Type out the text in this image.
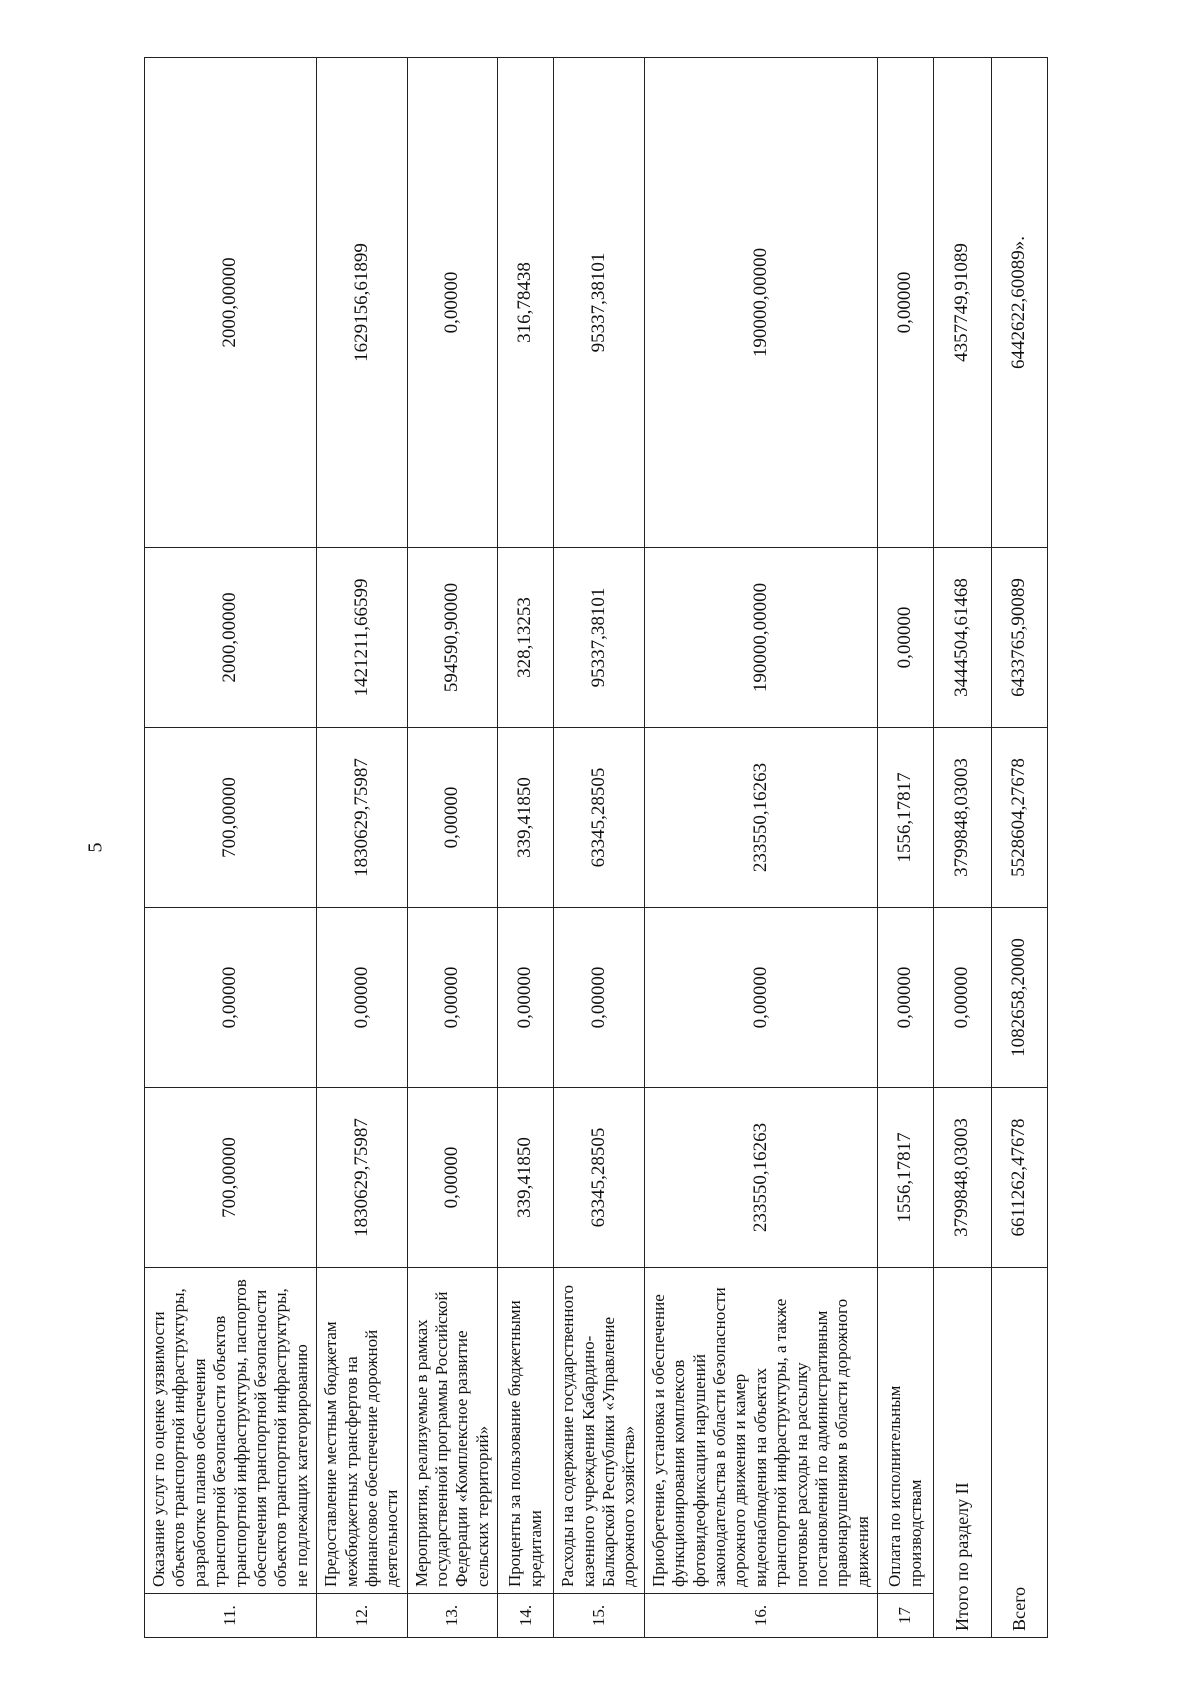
5
11.	Оказание услуг по оценке уязвимости объектов транспортной инфраструктуры, разработке планов обеспечения транспортной безопасности объектов транспортной инфраструктуры, паспортов обеспечения транспортной безопасности объектов транспортной инфраструктуры, не подлежащих категорированию	700,00000	0,00000	700,00000	2000,00000	2000,00000
12.	Предоставление местным бюджетам межбюджетных трансфертов на финансовое обеспечение дорожной деятельности	1830629,75987	0,00000	1830629,75987	1421211,66599	1629156,61899
13.	Мероприятия, реализуемые в рамках государственной программы Российской Федерации «Комплексное развитие сельских территорий»	0,00000	0,00000	0,00000	594590,90000	0,00000
14.	Проценты за пользование бюджетными кредитами	339,41850	0,00000	339,41850	328,13253	316,78438
15.	Расходы на содержание государственного казенного учреждения Кабардино-Балкарской Республики «Управление дорожного хозяйства»	63345,28505	0,00000	63345,28505	95337,38101	95337,38101
16.	Приобретение, установка и обеспечение функционирования комплексов фотовидеофиксации нарушений законодательства в области безопасности дорожного движения и камер видеонаблюдения на объектах транспортной инфраструктуры, а также почтовые расходы на рассылку постановлений по административным правонарушениям в области дорожного движения	233550,16263	0,00000	233550,16263	190000,00000	190000,00000
17	Оплата по исполнительным производствам	1556,17817	0,00000	1556,17817	0,00000	0,00000
Итого по разделу II		3799848,03003	0,00000	3799848,03003	3444504,61468	4357749,91089
Всего		6611262,47678	1082658,20000	5528604,27678	6433765,90089	6442622,60089».
